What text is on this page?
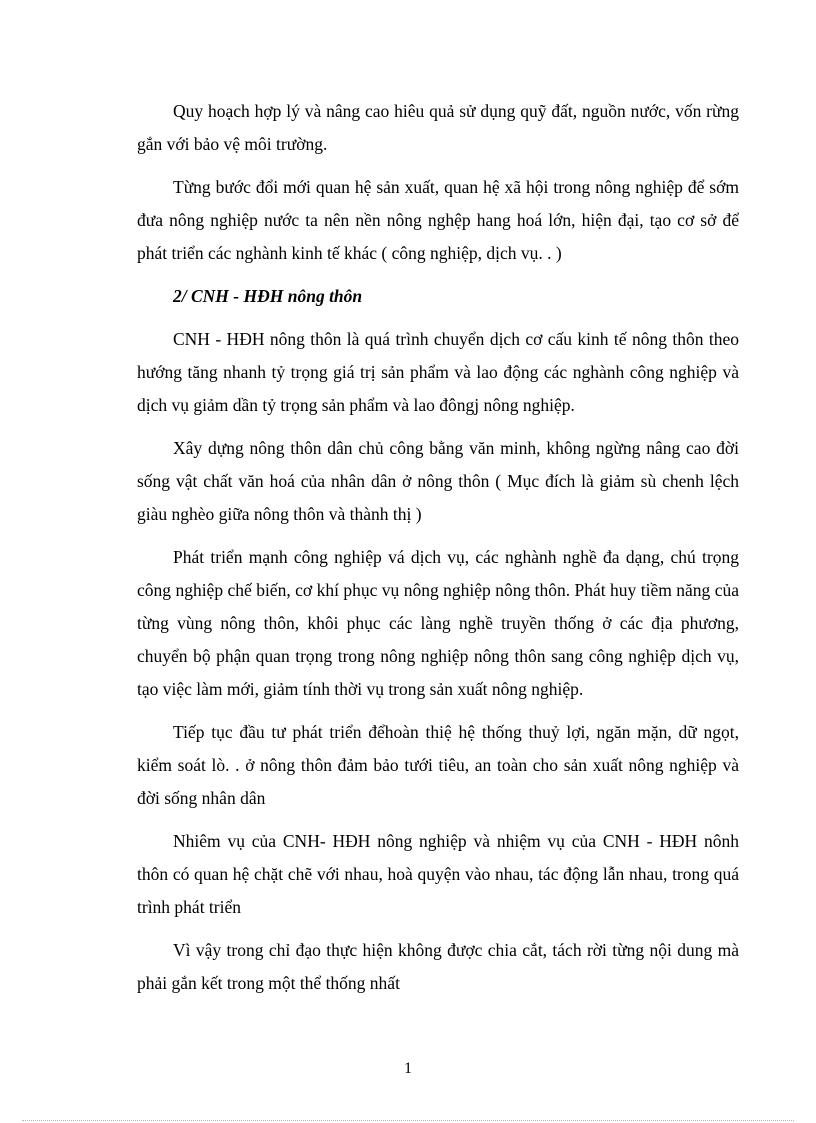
Quy hoạch hợp lý và nâng cao hiêu quả sử dụng quỹ đất, nguồn nước, vốn rừng gắn với bảo vệ môi trường.

Từng bước đổi mới quan hệ sản xuất, quan hệ xã hội trong nông nghiệp để sớm đưa nông nghiệp nước ta nên nền nông nghệp hang hoá lớn, hiện đại, tạo cơ sở để phát triển các nghành kinh tế khác ( công nghiệp, dịch vụ. . )

2/ CNH - HĐH nông thôn

CNH - HĐH nông thôn là quá trình chuyển dịch cơ cấu kinh tế nông thôn theo hướng tăng nhanh tỷ trọng giá trị sản phẩm và lao động các nghành công nghiệp và dịch vụ giảm dần tỷ trọng sản phẩm và lao đôngj nông nghiệp.

Xây dựng nông thôn dân chủ công bằng văn minh, không ngừng nâng cao đời sống vật chất văn hoá của nhân dân ở nông thôn ( Mục đích là giảm sù chenh lệch giàu nghèo giữa nông thôn và thành thị )

Phát triển mạnh công nghiệp vá dịch vụ, các nghành nghề đa dạng, chú trọng công nghiệp chế biến, cơ khí phục vụ nông nghiệp nông thôn. Phát huy tiềm năng của từng vùng nông thôn, khôi phục các làng nghề truyền thống ở các địa phương, chuyển bộ phận quan trọng trong nông nghiệp nông thôn sang công nghiệp dịch vụ, tạo việc làm mới, giảm tính thời vụ trong sản xuất nông nghiệp.

Tiếp tục đầu tư phát triển đểhoàn thiệ hệ thống thuỷ lợi, ngăn mặn, dữ ngọt, kiểm soát lò. . ở nông thôn đảm bảo tưới tiêu, an toàn cho sản xuất nông nghiệp và đời sống nhân dân

Nhiêm vụ của CNH- HĐH nông nghiệp và nhiệm vụ của CNH - HĐH nônh thôn có quan hệ chặt chẽ với nhau, hoà quyện vào nhau, tác động lẫn nhau, trong quá trình phát triển

Vì vậy trong chỉ đạo thực hiện không được chia cắt, tách rời từng nội dung mà phải gắn kết trong một thể thống nhất

1
